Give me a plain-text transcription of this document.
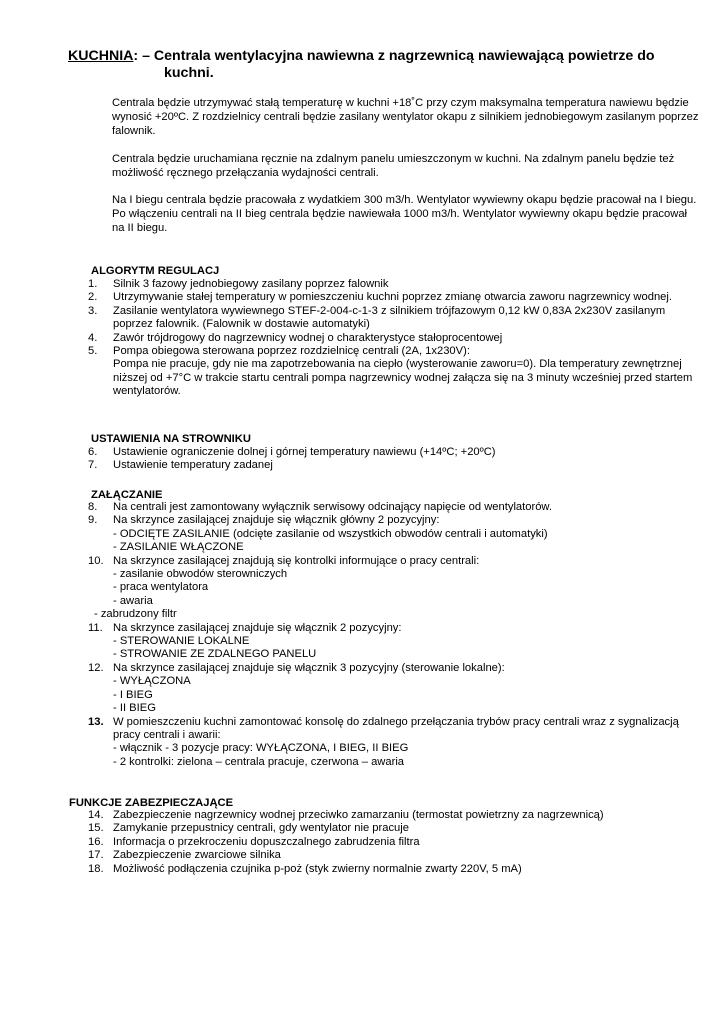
KUCHNIA: – Centrala wentylacyjna nawiewna z nagrzewnicą nawiewającą powietrze do
kuchni.

Centrala będzie utrzymywać stałą temperaturę w kuchni +18˚C przy czym maksymalna temperatura nawiewu będzie wynosić +20ºC. Z rozdzielnicy centrali będzie zasilany wentylator okapu z silnikiem jednobiegowym zasilanym poprzez falownik.

Centrala będzie uruchamiana ręcznie na zdalnym panelu umieszczonym w kuchni. Na zdalnym panelu będzie też możliwość ręcznego przełączania wydajności centrali.

Na I biegu centrala będzie pracowała z wydatkiem 300 m3/h. Wentylator wywiewny okapu będzie pracował na I biegu. Po włączeniu centrali na II bieg centrala będzie nawiewała 1000 m3/h. Wentylator wywiewny okapu będzie pracował na II biegu.

ALGORYTM REGULACJ

1. Silnik 3 fazowy jednobiegowy zasilany poprzez falownik
2. Utrzymywanie stałej temperatury w pomieszczeniu kuchni poprzez zmianę otwarcia zaworu nagrzewnicy wodnej.
3. Zasilanie wentylatora wywiewnego STEF-2-004-c-1-3 z silnikiem trójfazowym 0,12 kW 0,83A 2x230V zasilanym poprzez falownik. (Falownik w dostawie automatyki)
4. Zawór trójdrogowy do nagrzewnicy wodnej o charakterystyce stałoprocentowej
5. Pompa obiegowa sterowana poprzez rozdzielnicę centrali (2A, 1x230V):
Pompa nie pracuje, gdy nie ma zapotrzebowania na ciepło (wysterowanie zaworu=0). Dla temperatury zewnętrznej niższej od +7°C w trakcie startu centrali pompa nagrzewnicy wodnej załącza się na 3 minuty wcześniej przed startem wentylatorów.

USTAWIENIA NA STROWNIKU

6. Ustawienie ograniczenie dolnej i górnej temperatury nawiewu (+14ºC; +20ºC)
7. Ustawienie temperatury zadanej

ZAŁĄCZANIE

8. Na centrali jest zamontowany wyłącznik serwisowy odcinający napięcie od wentylatorów.
9. Na skrzynce zasilającej znajduje się włącznik główny 2 pozycyjny:
- ODCIĘTE ZASILANIE (odcięte zasilanie od wszystkich obwodów centrali i automatyki)
- ZASILANIE WŁĄCZONE
10. Na skrzynce zasilającej znajdują się kontrolki informujące o pracy centrali:
- zasilanie obwodów sterowniczych
- praca wentylatora
- awaria
- zabrudzony filtr
11. Na skrzynce zasilającej znajduje się włącznik 2 pozycyjny:
- STEROWANIE LOKALNE
- STROWANIE ZE ZDALNEGO PANELU
12. Na skrzynce zasilającej znajduje się włącznik 3 pozycyjny (sterowanie lokalne):
- WYŁĄCZONA
- I BIEG
- II BIEG
13. W pomieszczeniu kuchni zamontować konsolę do zdalnego przełączania trybów pracy centrali wraz z sygnalizacją pracy centrali i awarii:
- włącznik - 3 pozycje pracy: WYŁĄCZONA, I BIEG, II BIEG
- 2 kontrolki: zielona – centrala pracuje, czerwona – awaria

FUNKCJE ZABEZPIECZAJĄCE

14. Zabezpieczenie nagrzewnicy wodnej przeciwko zamarzaniu (termostat powietrzny za nagrzewnicą)
15. Zamykanie przepustnicy centrali, gdy wentylator nie pracuje
16. Informacja o przekroczeniu dopuszczalnego zabrudzenia filtra
17. Zabezpieczenie zwarciowe silnika
18. Możliwość podłączenia czujnika p-poż (styk zwierny normalnie zwarty 220V, 5 mA)
